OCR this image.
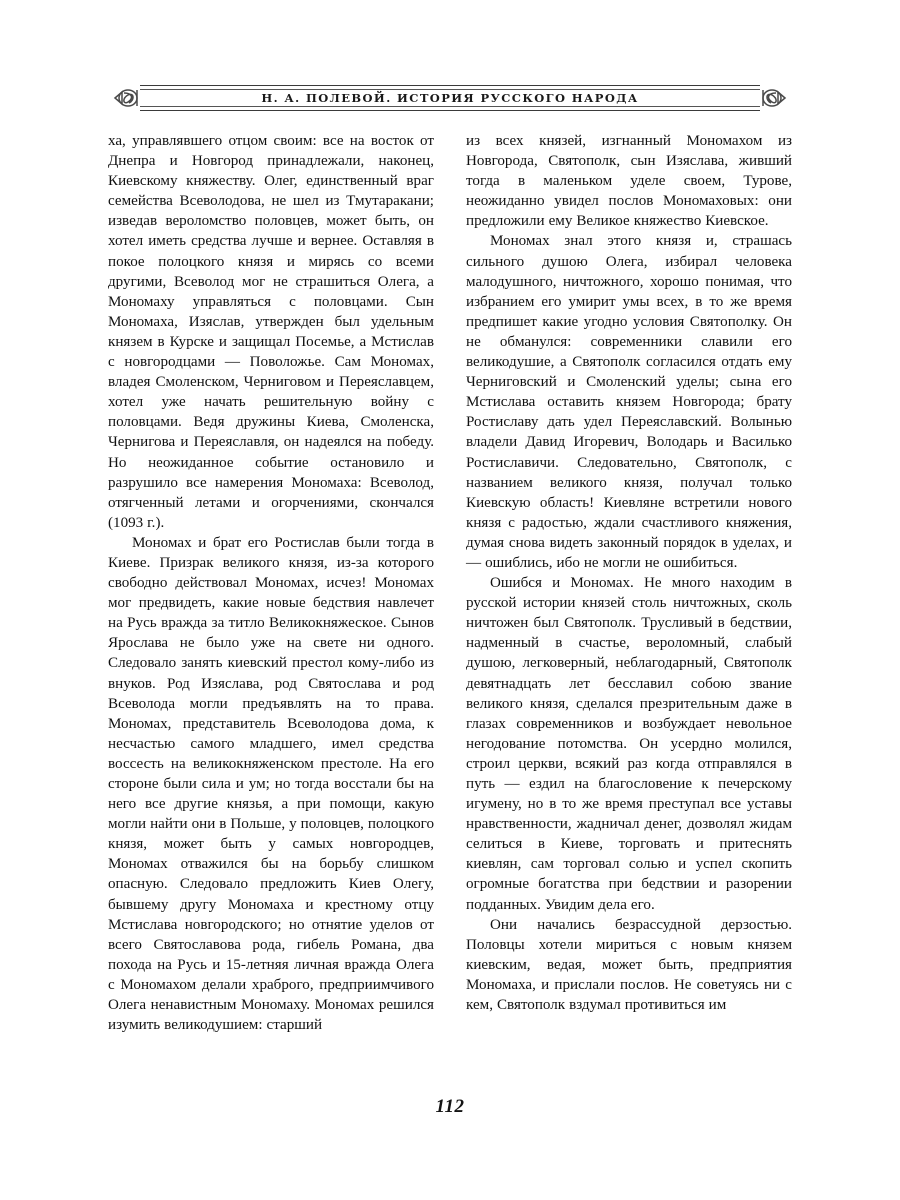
Н. А. ПОЛЕВОЙ. ИСТОРИЯ РУССКОГО НАРОДА

ха, управлявшего отцом своим: все на восток от Днепра и Новгород принадлежали, наконец, Киевскому княжеству. Олег, единственный враг семейства Всеволодова, не шел из Тмутаракани; изведав вероломство половцев, может быть, он хотел иметь средства лучше и вернее. Оставляя в покое полоцкого князя и мирясь со всеми другими, Всеволод мог не страшиться Олега, а Мономаху управляться с половцами. Сын Мономаха, Изяслав, утвержден был удельным князем в Курске и защищал Посемье, а Мстислав с новгородцами — Поволожье. Сам Мономах, владея Смоленском, Черниговом и Переяславцем, хотел уже начать решительную войну с половцами. Ведя дружины Киева, Смоленска, Чернигова и Переяславля, он надеялся на победу. Но неожиданное событие остановило и разрушило все намерения Мономаха: Всеволод, отягченный летами и огорчениями, скончался (1093 г.).

Мономах и брат его Ростислав были тогда в Киеве. Призрак великого князя, из-за которого свободно действовал Мономах, исчез! Мономах мог предвидеть, какие новые бедствия навлечет на Русь вражда за титло Великокняжеское. Сынов Ярослава не было уже на свете ни одного. Следовало занять киевский престол кому-либо из внуков. Род Изяслава, род Святослава и род Всеволода могли предъявлять на то права. Мономах, представитель Всеволодова дома, к несчастью самого младшего, имел средства воссесть на великокняженском престоле. На его стороне были сила и ум; но тогда восстали бы на него все другие князья, а при помощи, какую могли найти они в Польше, у половцев, полоцкого князя, может быть у самых новгородцев, Мономах отважился бы на борьбу слишком опасную. Следовало предложить Киев Олегу, бывшему другу Мономаха и крестному отцу Мстислава новгородского; но отнятие уделов от всего Святославова рода, гибель Романа, два похода на Русь и 15-летняя личная вражда Олега с Мономахом делали храброго, предприимчивого Олега ненавистным Мономаху. Мономах решился изумить великодушием: старший

из всех князей, изгнанный Мономахом из Новгорода, Святополк, сын Изяслава, живший тогда в маленьком уделе своем, Турове, неожиданно увидел послов Мономаховых: они предложили ему Великое княжество Киевское.

Мономах знал этого князя и, страшась сильного душою Олега, избирал человека малодушного, ничтожного, хорошо понимая, что избранием его умирит умы всех, в то же время предпишет какие угодно условия Святополку. Он не обманулся: современники славили его великодушие, а Святополк согласился отдать ему Черниговский и Смоленский уделы; сына его Мстислава оставить князем Новгорода; брату Ростиславу дать удел Переяславский. Волынью владели Давид Игоревич, Володарь и Василько Ростиславичи. Следовательно, Святополк, с названием великого князя, получал только Киевскую область! Киевляне встретили нового князя с радостью, ждали счастливого княжения, думая снова видеть законный порядок в уделах, и — ошиблись, ибо не могли не ошибиться.

Ошибся и Мономах. Не много находим в русской истории князей столь ничтожных, сколь ничтожен был Святополк. Трусливый в бедствии, надменный в счастье, вероломный, слабый душою, легковерный, неблагодарный, Святополк девятнадцать лет бесславил собою звание великого князя, сделался презрительным даже в глазах современников и возбуждает невольное негодование потомства. Он усердно молился, строил церкви, всякий раз когда отправлялся в путь — ездил на благословение к печерскому игумену, но в то же время преступал все уставы нравственности, жадничал денег, дозволял жидам селиться в Киеве, торговать и притеснять киевлян, сам торговал солью и успел скопить огромные богатства при бедствии и разорении подданных. Увидим дела его.

Они начались безрассудной дерзостью. Половцы хотели мириться с новым князем киевским, ведая, может быть, предприятия Мономаха, и прислали послов. Не советуясь ни с кем, Святополк вздумал противиться им

112
